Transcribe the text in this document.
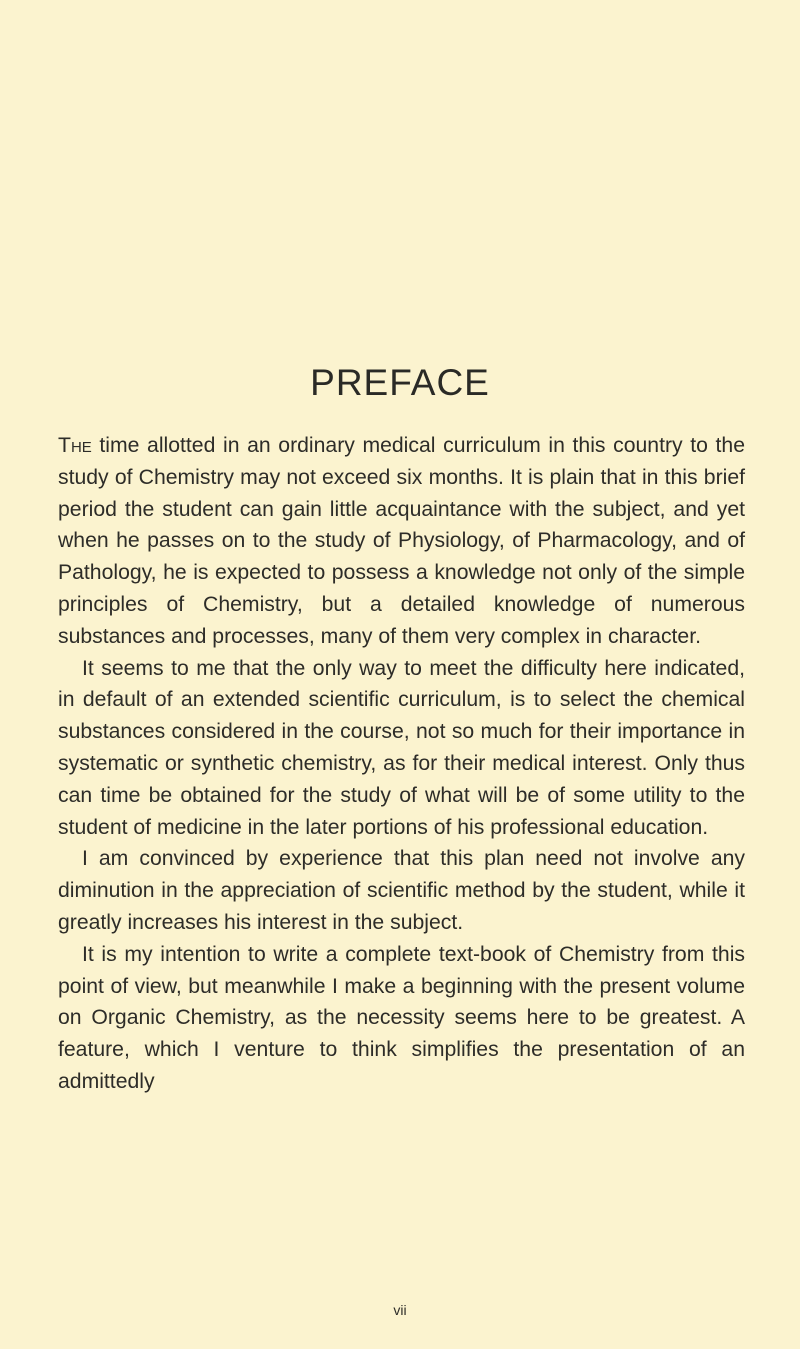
PREFACE

The time allotted in an ordinary medical curriculum in this country to the study of Chemistry may not exceed six months. It is plain that in this brief period the student can gain little acquaintance with the subject, and yet when he passes on to the study of Physiology, of Pharmacology, and of Pathology, he is expected to possess a knowledge not only of the simple principles of Chemistry, but a detailed knowledge of numerous substances and processes, many of them very complex in character.

It seems to me that the only way to meet the difficulty here indicated, in default of an extended scientific curriculum, is to select the chemical substances considered in the course, not so much for their importance in systematic or synthetic chemistry, as for their medical interest. Only thus can time be obtained for the study of what will be of some utility to the student of medicine in the later portions of his professional education.

I am convinced by experience that this plan need not involve any diminution in the appreciation of scientific method by the student, while it greatly increases his interest in the subject.

It is my intention to write a complete text-book of Chemistry from this point of view, but meanwhile I make a beginning with the present volume on Organic Chemistry, as the necessity seems here to be greatest. A feature, which I venture to think simplifies the presentation of an admittedly

vii
